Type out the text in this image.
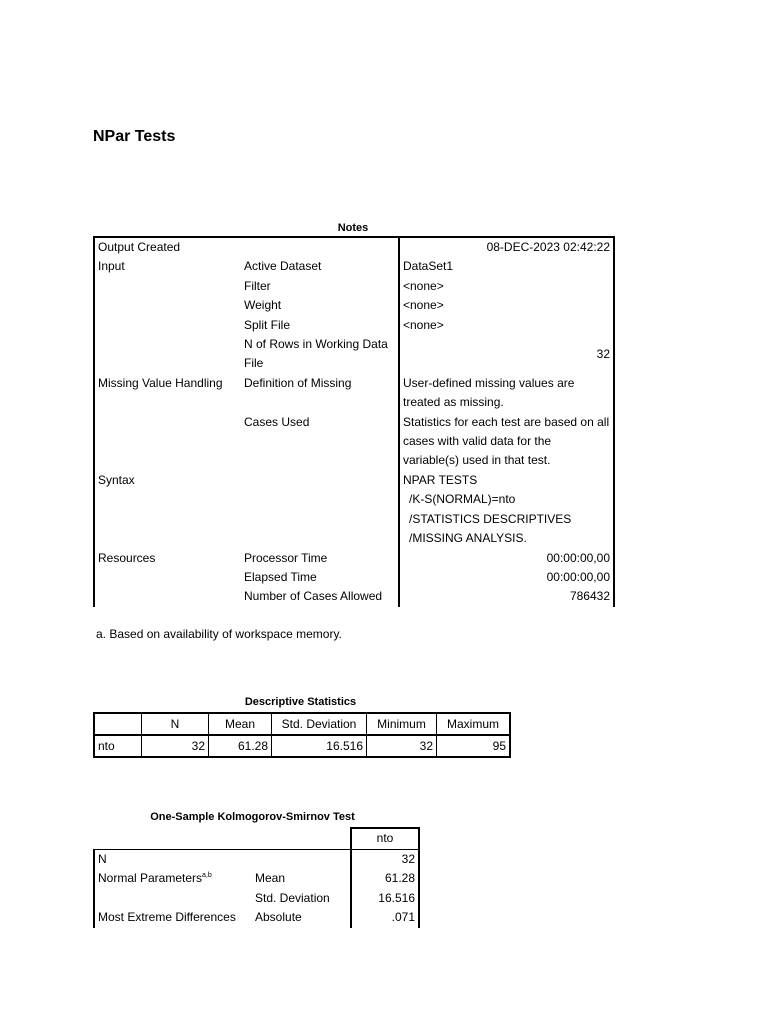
NPar Tests
Notes
Output Created		08-DEC-2023 02:42:22
Input	Active Dataset	DataSet1
	Filter	<none>
	Weight	<none>
	Split File	<none>
	N of Rows in Working Data File	32
Missing Value Handling	Definition of Missing	User-defined missing values are treated as missing.
	Cases Used	Statistics for each test are based on all cases with valid data for the variable(s) used in that test.
Syntax		NPAR TESTS
		/K-S(NORMAL)=nto
		/STATISTICS DESCRIPTIVES
		/MISSING ANALYSIS.
Resources	Processor Time	00:00:00,00
	Elapsed Time	00:00:00,00
	Number of Cases Allowed	786432
a. Based on availability of workspace memory.
Descriptive Statistics
	N	Mean	Std. Deviation	Minimum	Maximum
nto	32	61.28	16.516	32	95
One-Sample Kolmogorov-Smirnov Test
		nto
N		32
Normal Parameters$^{a,b}$	Mean	61.28
	Std. Deviation	16.516
Most Extreme Differences	Absolute	.071
